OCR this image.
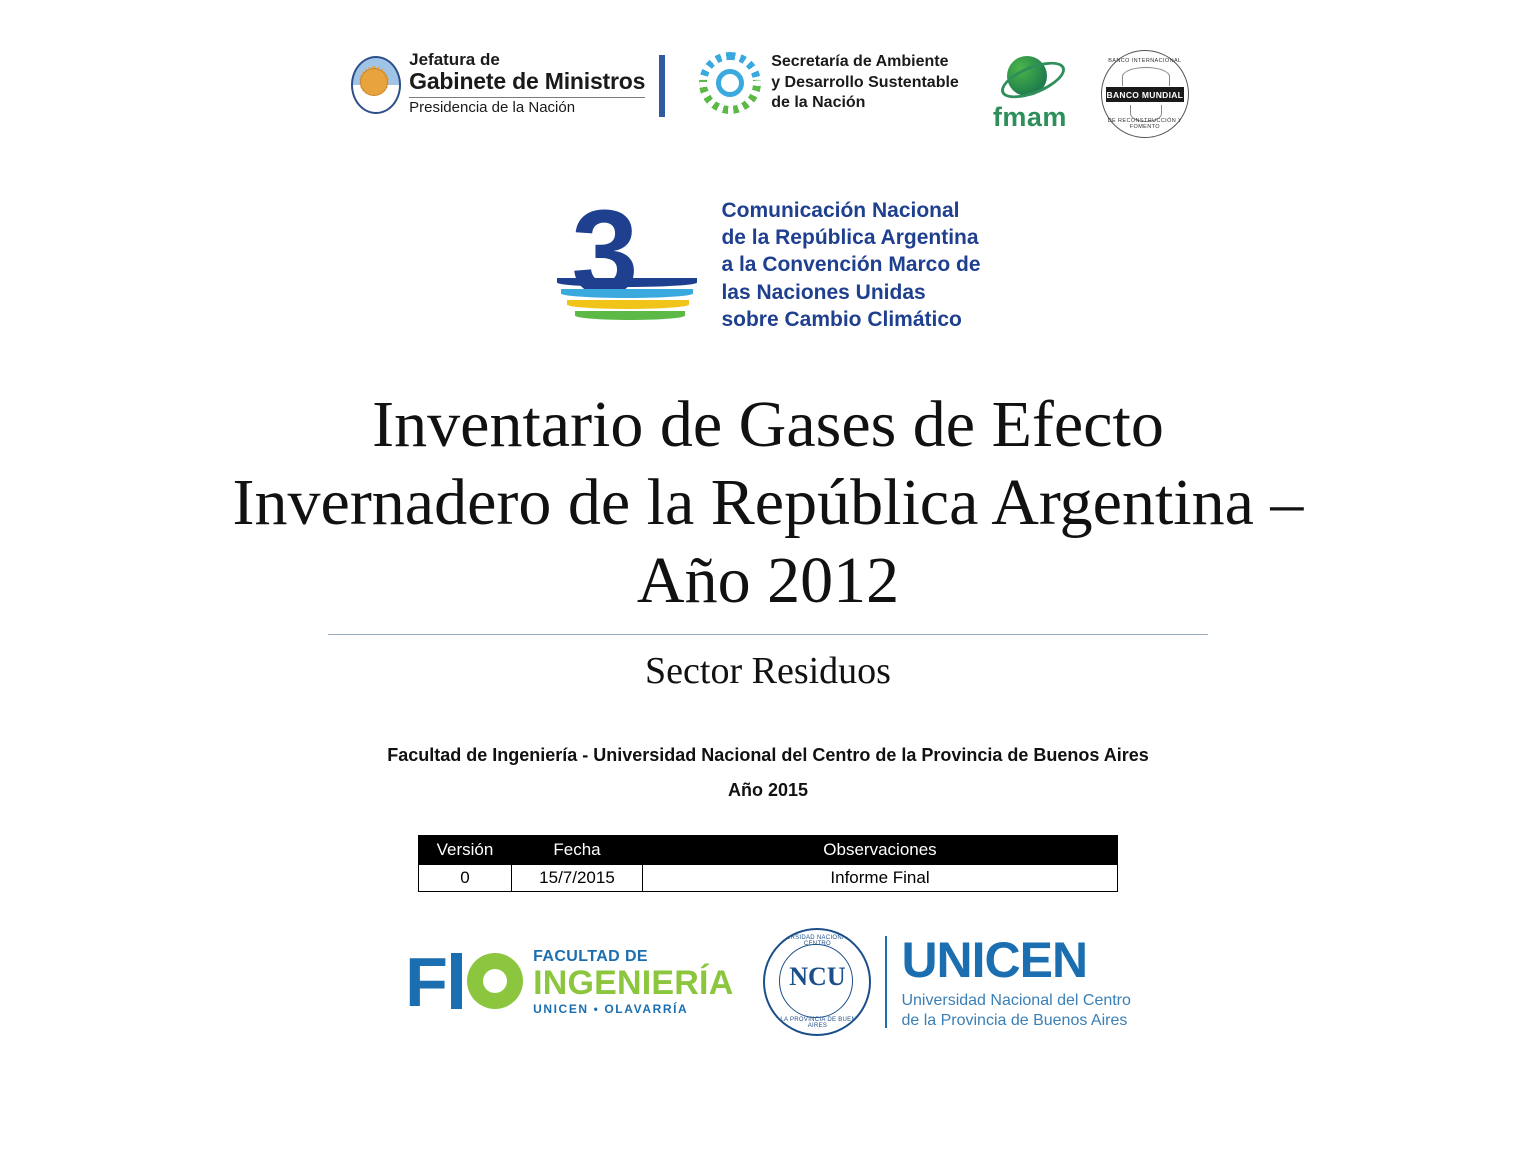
Jefatura de
Gabinete de Ministros
Presidencia de la Nación
Secretaría de Ambiente
y Desarrollo Sustentable
de la Nación	fmam
BANCO INTERNACIONAL
BANCO MUNDIAL
DE RECONSTRUCCIÓN Y FOMENTO
3	Comunicación Nacional
de la República Argentina
a la Convención Marco de
las Naciones Unidas
sobre Cambio Climático
Inventario de Gases de Efecto Invernadero de la República Argentina – Año 2012
Sector Residuos
Facultad de Ingeniería - Universidad Nacional del Centro de la Provincia de Buenos Aires
Año 2015
Versión	Fecha	Observaciones
0	15/7/2015	Informe Final
F	FACULTAD DE
INGENIERÍA
UNICEN • OLAVARRÍA
UNIVERSIDAD NACIONAL DEL CENTRO
NCU
DE LA PROVINCIA DE BUENOS AIRES
UNICEN
Universidad Nacional del Centro
de la Provincia de Buenos Aires
